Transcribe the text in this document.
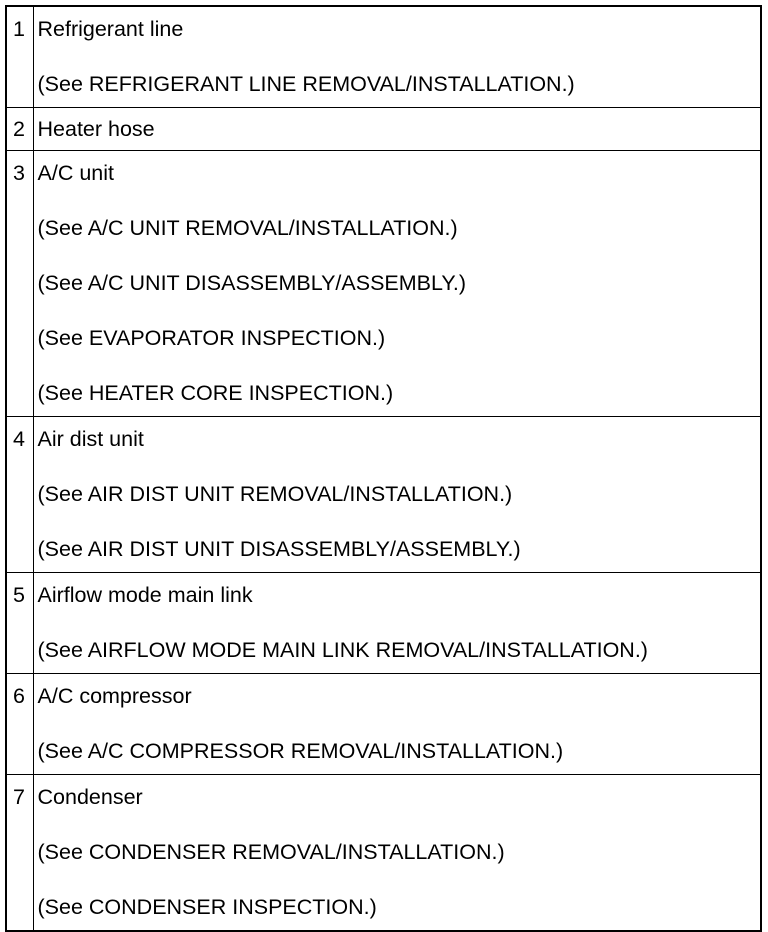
1	Refrigerant line
(See REFRIGERANT LINE REMOVAL/INSTALLATION.)

2	Heater hose

3	A/C unit
(See A/C UNIT REMOVAL/INSTALLATION.)
(See A/C UNIT DISASSEMBLY/ASSEMBLY.)
(See EVAPORATOR INSPECTION.)
(See HEATER CORE INSPECTION.)

4	Air dist unit
(See AIR DIST UNIT REMOVAL/INSTALLATION.)
(See AIR DIST UNIT DISASSEMBLY/ASSEMBLY.)

5	Airflow mode main link
(See AIRFLOW MODE MAIN LINK REMOVAL/INSTALLATION.)

6	A/C compressor
(See A/C COMPRESSOR REMOVAL/INSTALLATION.)

7	Condenser
(See CONDENSER REMOVAL/INSTALLATION.)
(See CONDENSER INSPECTION.)
